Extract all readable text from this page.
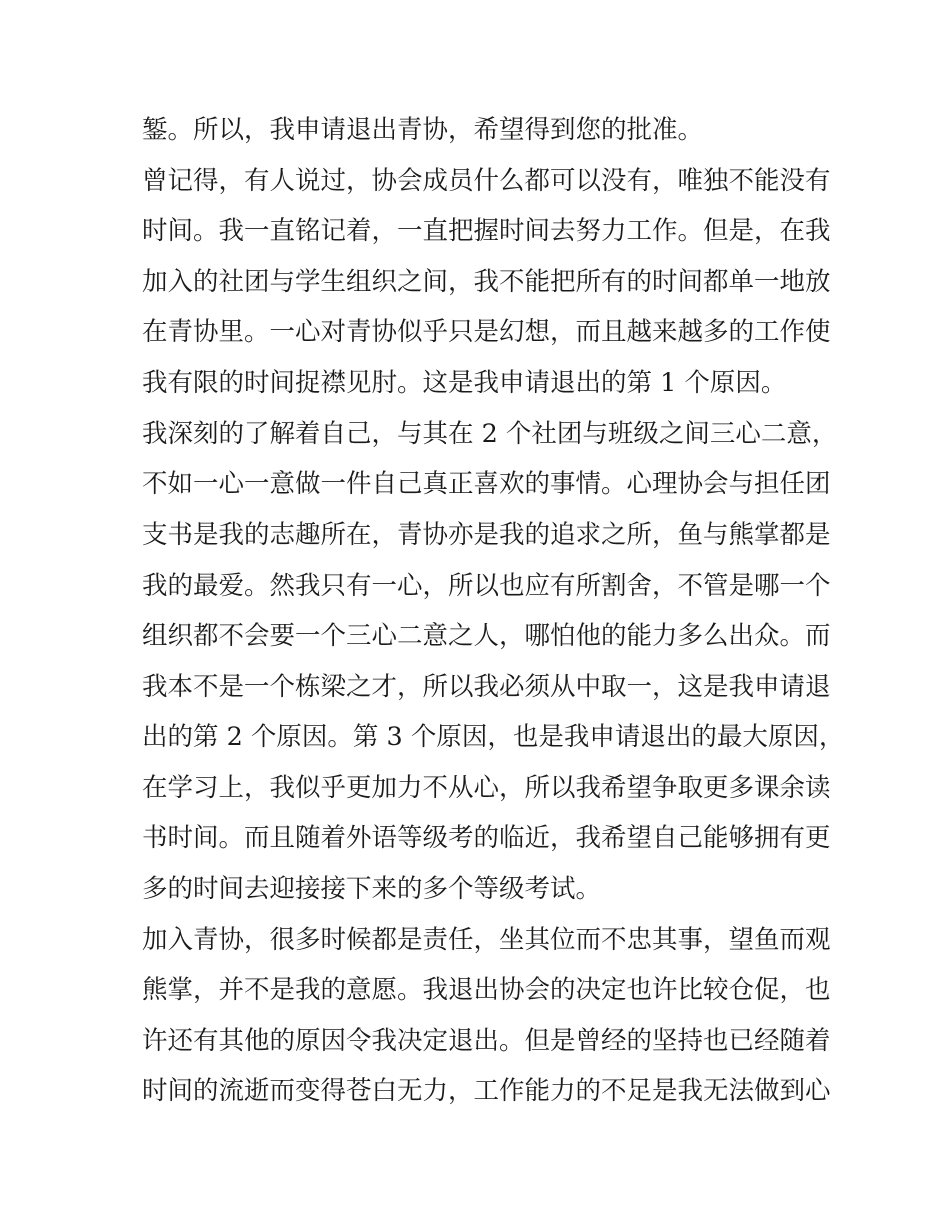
錾。所以，我申请退出青协，希望得到您的批准。

曾记得，有人说过，协会成员什么都可以没有，唯独不能没有

时间。我一直铭记着，一直把握时间去努力工作。但是，在我

加入的社团与学生组织之间，我不能把所有的时间都单一地放

在青协里。一心对青协似乎只是幻想，而且越来越多的工作使

我有限的时间捉襟见肘。这是我申请退出的第 1 个原因。

我深刻的了解着自己，与其在 2 个社团与班级之间三心二意，

不如一心一意做一件自己真正喜欢的事情。心理协会与担任团

支书是我的志趣所在，青协亦是我的追求之所，鱼与熊掌都是

我的最爱。然我只有一心，所以也应有所割舍，不管是哪一个

组织都不会要一个三心二意之人，哪怕他的能力多么出众。而

我本不是一个栋梁之才，所以我必须从中取一，这是我申请退

出的第 2 个原因。第 3 个原因，也是我申请退出的最大原因，

在学习上，我似乎更加力不从心，所以我希望争取更多课余读

书时间。而且随着外语等级考的临近，我希望自己能够拥有更

多的时间去迎接接下来的多个等级考试。

加入青协，很多时候都是责任，坐其位而不忠其事，望鱼而观

熊掌，并不是我的意愿。我退出协会的决定也许比较仓促，也

许还有其他的原因令我决定退出。但是曾经的坚持也已经随着

时间的流逝而变得苍白无力，工作能力的不足是我无法做到心
